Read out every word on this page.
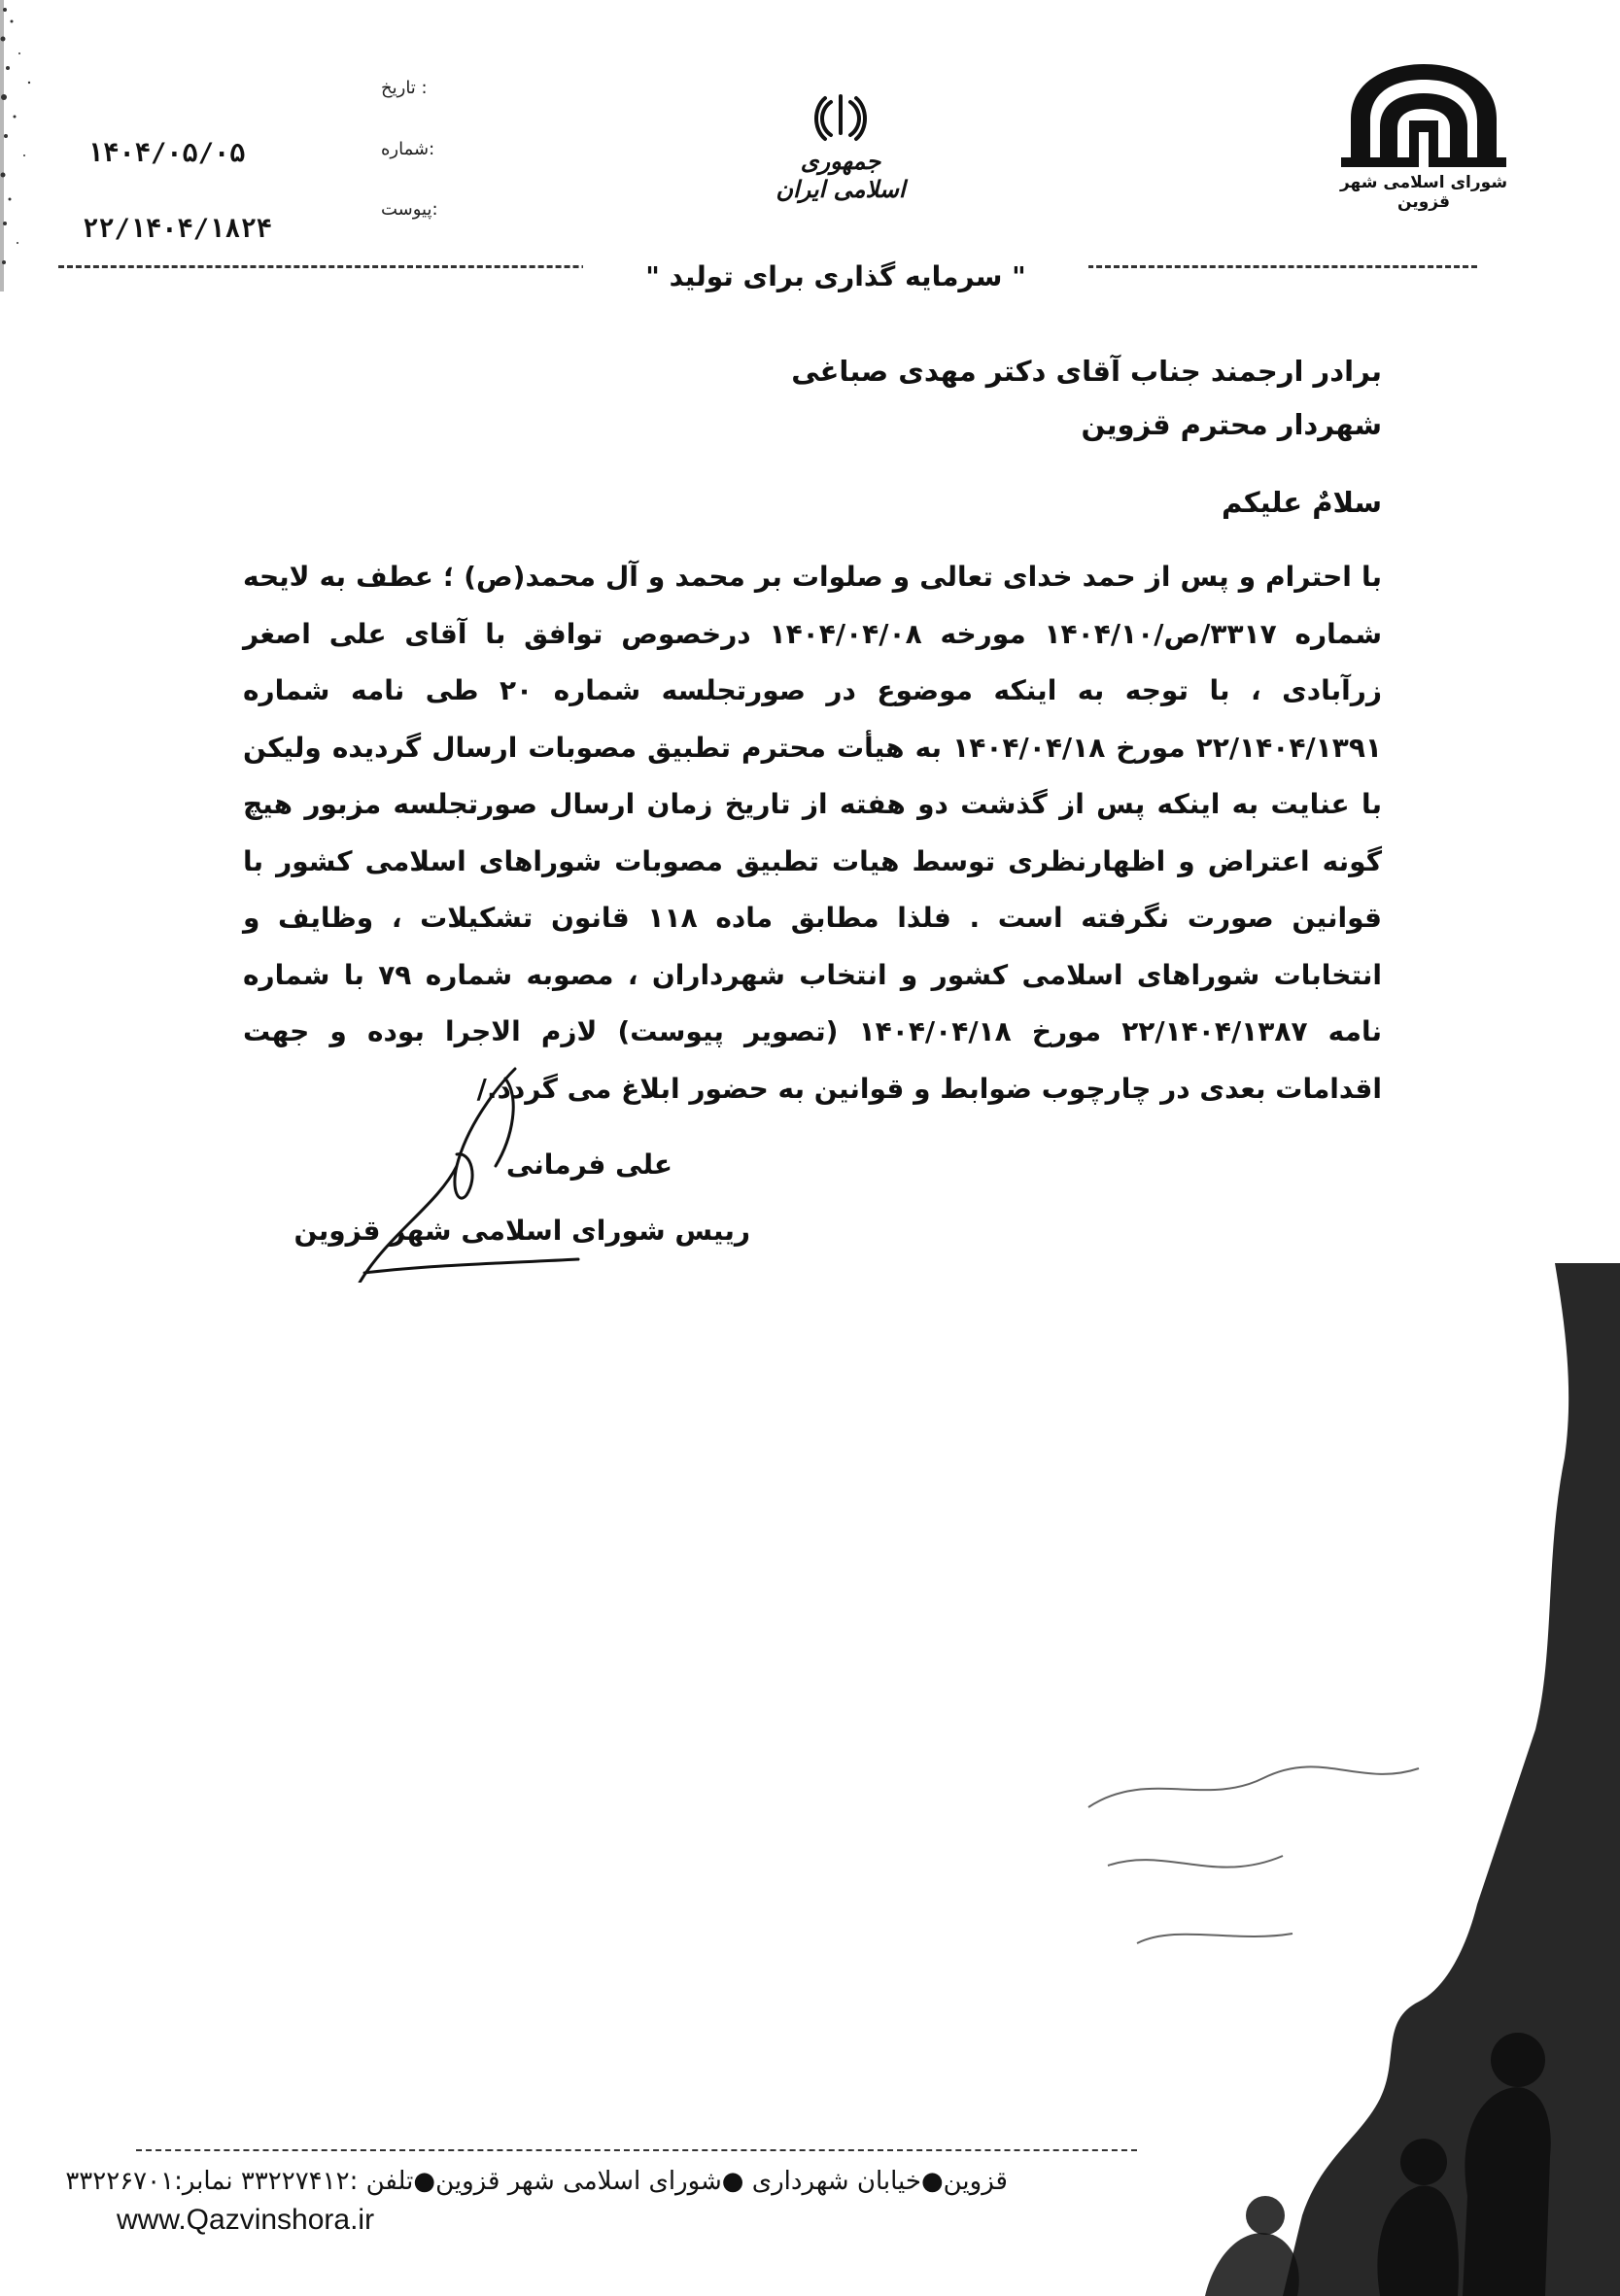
تاریخ :
شماره:
پیوست:
۱۴۰۴/۰۵/۰۵
۲۲/۱۴۰۴/۱۸۲۴
جمهوری اسلامی ایران	شورای اسلامی شهر قزوین
" سرمایه گذاری برای تولید "
برادر ارجمند جناب آقای دکتر مهدی صباغی
شهردار محترم قزوین
سلامٌ علیکم

با احترام و پس از حمد خدای تعالی و صلوات بر محمد و آل محمد(ص) ؛ عطف به لایحه شماره ۳۳۱۷/ص/۱۴۰۴/۱۰ مورخه ۱۴۰۴/۰۴/۰۸ درخصوص توافق با آقای علی اصغر زرآبادی ، با توجه به اینکه موضوع در صورتجلسه شماره ۲۰ طی نامه شماره ۲۲/۱۴۰۴/۱۳۹۱ مورخ ۱۴۰۴/۰۴/۱۸ به هیأت محترم تطبیق مصوبات ارسال گردیده ولیکن با عنایت به اینکه پس از گذشت دو هفته از تاریخ زمان ارسال صورتجلسه مزبور هیچ گونه اعتراض و اظهارنظری توسط هیات تطبیق مصوبات شوراهای اسلامی کشور با قوانین صورت نگرفته است . فلذا مطابق ماده ۱۱۸ قانون تشکیلات ، وظایف و انتخابات شوراهای اسلامی کشور و انتخاب شهرداران ، مصوبه شماره ۷۹ با شماره نامه ۲۲/۱۴۰۴/۱۳۸۷ مورخ ۱۴۰۴/۰۴/۱۸ (تصویر پیوست) لازم الاجرا بوده و جهت اقدامات بعدی در چارچوب ضوابط و قوانین به حضور ابلاغ می گردد./

علی فرمانی
رییس شورای اسلامی شهر قزوین
قزوین●خیابان شهرداری ●شورای اسلامی شهر قزوین●تلفن :۳۳۲۲۷۴۱۲ نمابر:۳۳۲۲۶۷۰۱
www.Qazvinshora.ir
